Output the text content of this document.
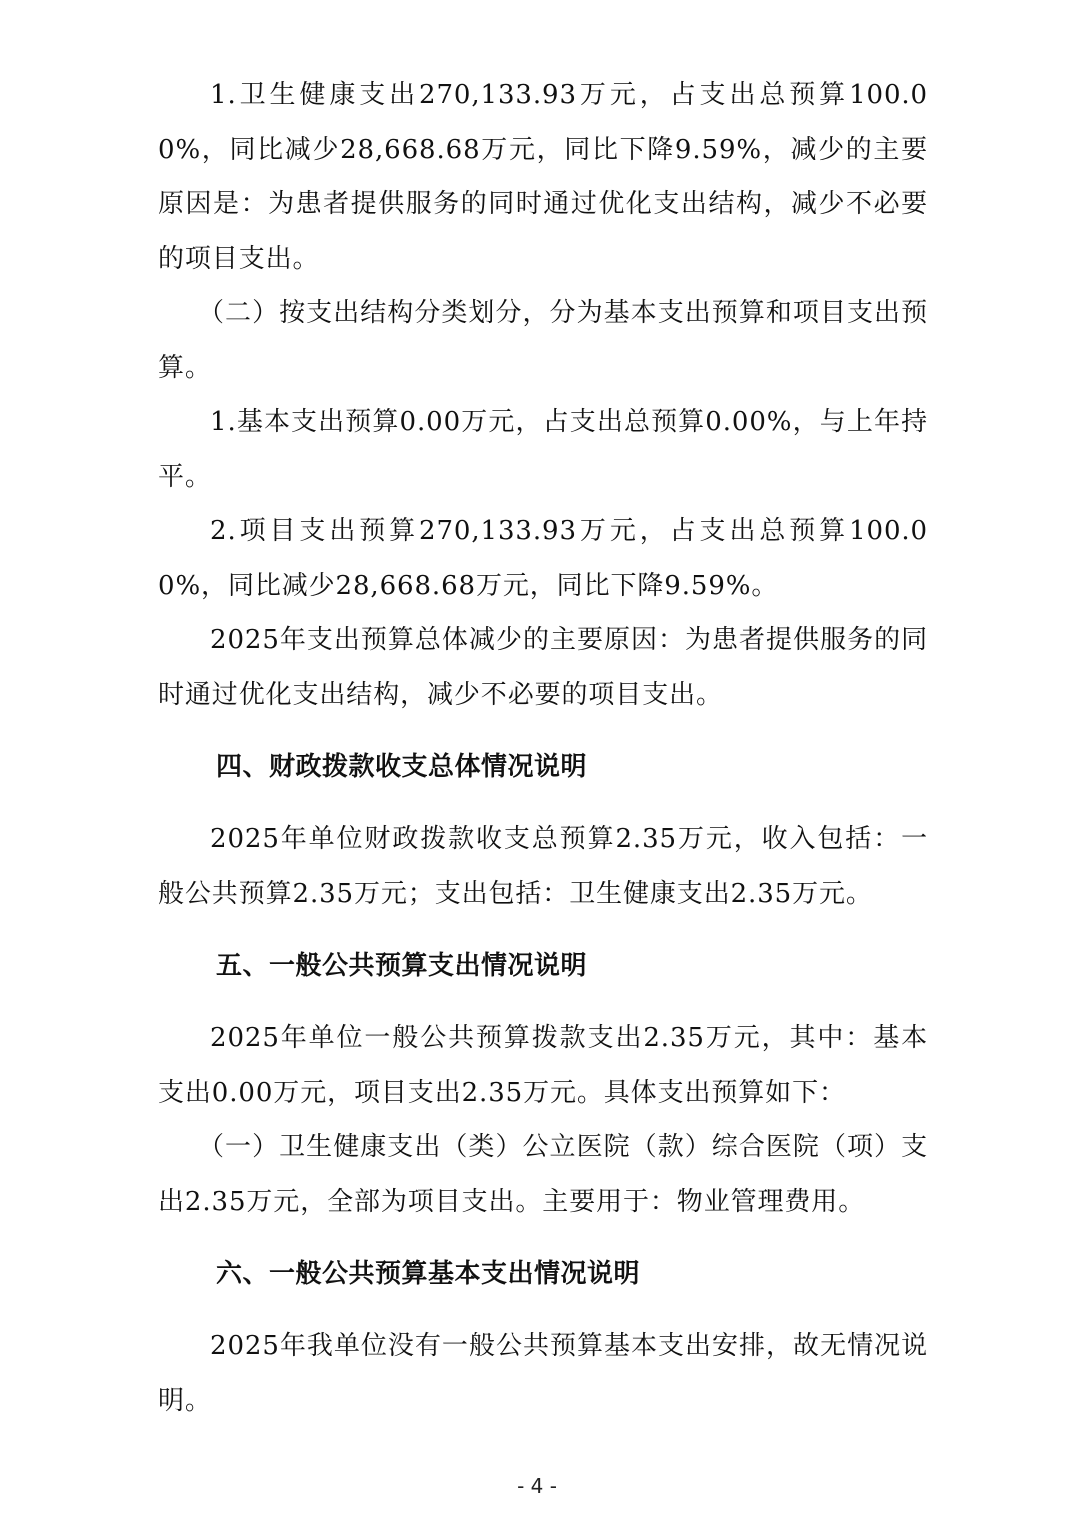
1.卫生健康支出270,133.93万元，占支出总预算100.00%，同比减少28,668.68万元，同比下降9.59%，减少的主要原因是：为患者提供服务的同时通过优化支出结构，减少不必要的项目支出。

（二）按支出结构分类划分，分为基本支出预算和项目支出预算。

1.基本支出预算0.00万元，占支出总预算0.00%，与上年持平。

2.项目支出预算270,133.93万元，占支出总预算100.00%，同比减少28,668.68万元，同比下降9.59%。

2025年支出预算总体减少的主要原因：为患者提供服务的同时通过优化支出结构，减少不必要的项目支出。

四、财政拨款收支总体情况说明

2025年单位财政拨款收支总预算2.35万元，收入包括：一般公共预算2.35万元；支出包括：卫生健康支出2.35万元。

五、一般公共预算支出情况说明

2025年单位一般公共预算拨款支出2.35万元，其中：基本支出0.00万元，项目支出2.35万元。具体支出预算如下：

（一）卫生健康支出（类）公立医院（款）综合医院（项）支出2.35万元，全部为项目支出。主要用于：物业管理费用。

六、一般公共预算基本支出情况说明

2025年我单位没有一般公共预算基本支出安排，故无情况说明。

- 4 -
